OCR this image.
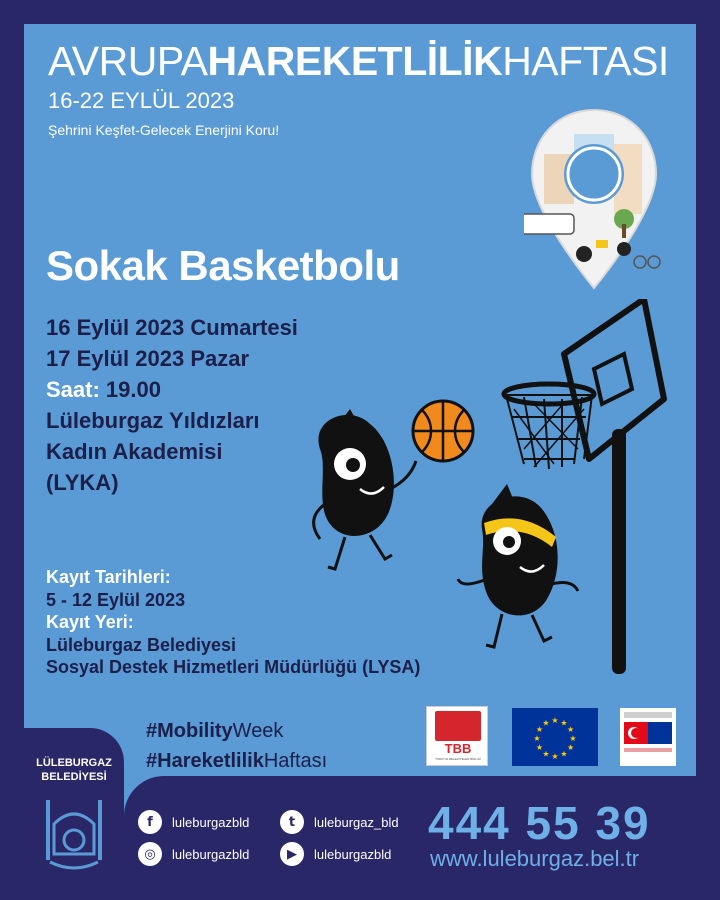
AVRUPAHAREKETLİLİKHAFTASI
16-22 EYLÜL 2023
Şehrini Keşfet-Gelecek Enerjini Koru!
Sokak Basketbolu
16 Eylül 2023 Cumartesi
17 Eylül 2023 Pazar
Saat: 19.00
Lüleburgaz Yıldızları
Kadın Akademisi
(LYKA)
Kayıt Tarihleri:
5 - 12 Eylül 2023
Kayıt Yeri:
Lüleburgaz Belediyesi
Sosyal Destek Hizmetleri Müdürlüğü (LYSA)
#MobilityWeek
#HareketlilikHaftası
TBB
TÜRKİYE BELEDİYELER BİRLİĞİ
★
★
★
★
★
★
★
★
★ ★ ★
★
LÜLEBURGAZ
BELEDİYESİ
f	luleburgazbld	t	luleburgaz_bld
◎	luleburgazbld	▶	luleburgazbld
444 55 39
www.luleburgaz.bel.tr
